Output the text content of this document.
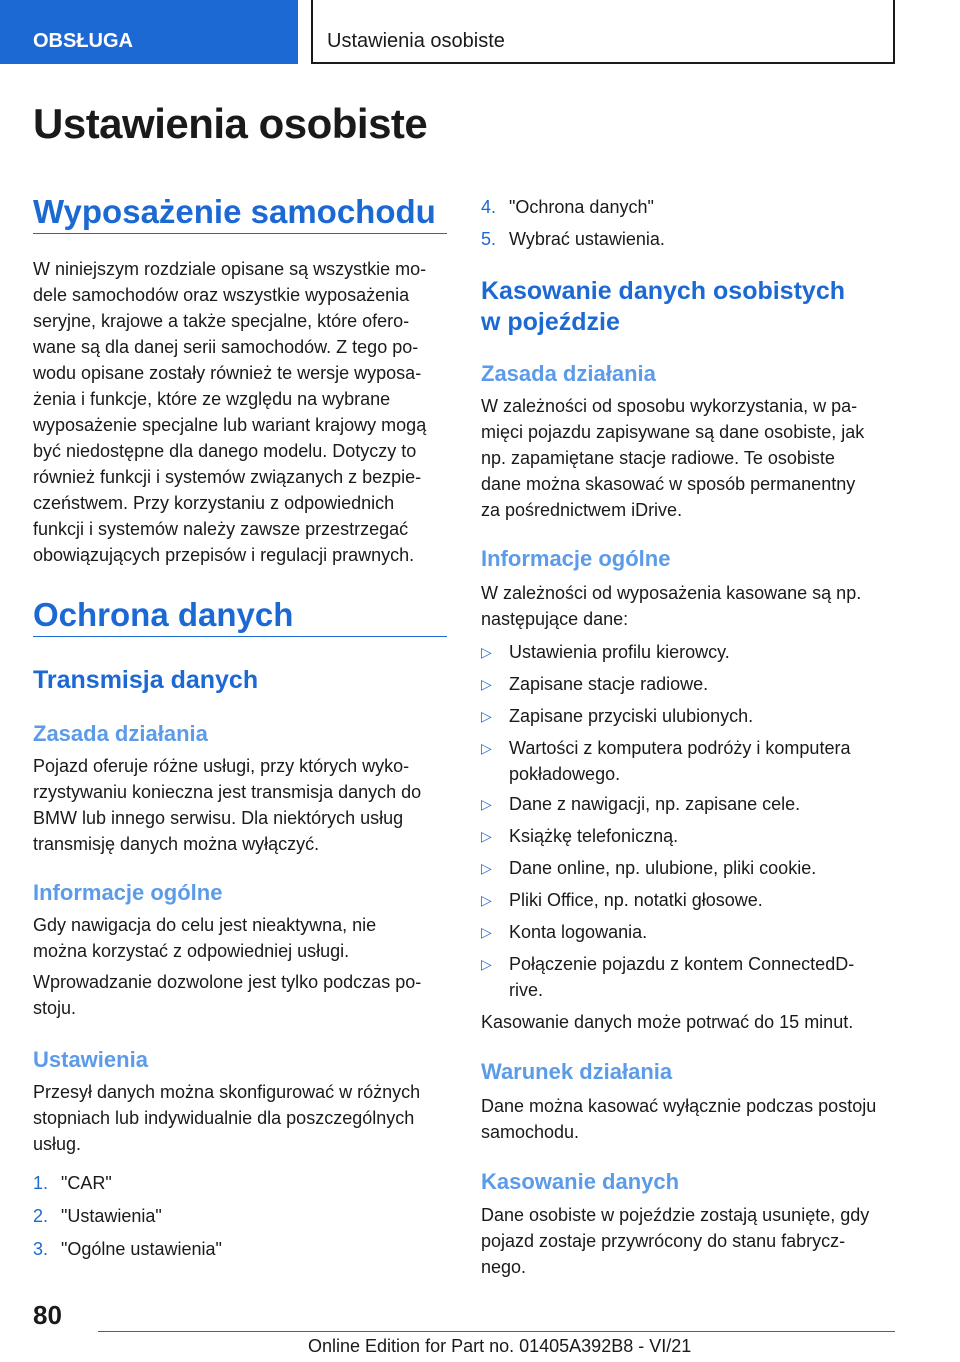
OBSŁUGA	Ustawienia osobiste
Ustawienia osobiste
Wyposażenie samochodu
W niniejszym rozdziale opisane są wszystkie mo‐
dele samochodów oraz wszystkie wyposażenia
seryjne, krajowe a także specjalne, które ofero‐
wane są dla danej serii samochodów. Z tego po‐
wodu opisane zostały również te wersje wyposa‐
żenia i funkcje, które ze względu na wybrane
wyposażenie specjalne lub wariant krajowy mogą
być niedostępne dla danego modelu. Dotyczy to
również funkcji i systemów związanych z bezpie‐
czeństwem. Przy korzystaniu z odpowiednich
funkcji i systemów należy zawsze przestrzegać
obowiązujących przepisów i regulacji prawnych.
Ochrona danych
Transmisja danych
Zasada działania
Pojazd oferuje różne usługi, przy których wyko‐
rzystywaniu konieczna jest transmisja danych do
BMW lub innego serwisu. Dla niektórych usług
transmisję danych można wyłączyć.
Informacje ogólne
Gdy nawigacja do celu jest nieaktywna, nie
można korzystać z odpowiedniej usługi.
Wprowadzanie dozwolone jest tylko podczas po‐
stoju.
Ustawienia
Przesył danych można skonfigurować w różnych
stopniach lub indywidualnie dla poszczególnych
usług.
1. "CAR"
2. "Ustawienia"
3. "Ogólne ustawienia"
4. "Ochrona danych"
5. Wybrać ustawienia.
Kasowanie danych osobistych
w pojeździe
Zasada działania
W zależności od sposobu wykorzystania, w pa‐
mięci pojazdu zapisywane są dane osobiste, jak
np. zapamiętane stacje radiowe. Te osobiste
dane można skasować w sposób permanentny
za pośrednictwem iDrive.
Informacje ogólne
W zależności od wyposażenia kasowane są np.
następujące dane:
▷ Ustawienia profilu kierowcy.
▷ Zapisane stacje radiowe.
▷ Zapisane przyciski ulubionych.
▷ Wartości z komputera podróży i komputera
pokładowego.
▷ Dane z nawigacji, np. zapisane cele.
▷ Książkę telefoniczną.
▷ Dane online, np. ulubione, pliki cookie.
▷ Pliki Office, np. notatki głosowe.
▷ Konta logowania.
▷ Połączenie pojazdu z kontem ConnectedD‐
rive.
Kasowanie danych może potrwać do 15 minut.
Warunek działania
Dane można kasować wyłącznie podczas postoju
samochodu.
Kasowanie danych
Dane osobiste w pojeździe zostają usunięte, gdy
pojazd zostaje przywrócony do stanu fabrycz‐
nego.
80
Online Edition for Part no. 01405A392B8 - VI/21
